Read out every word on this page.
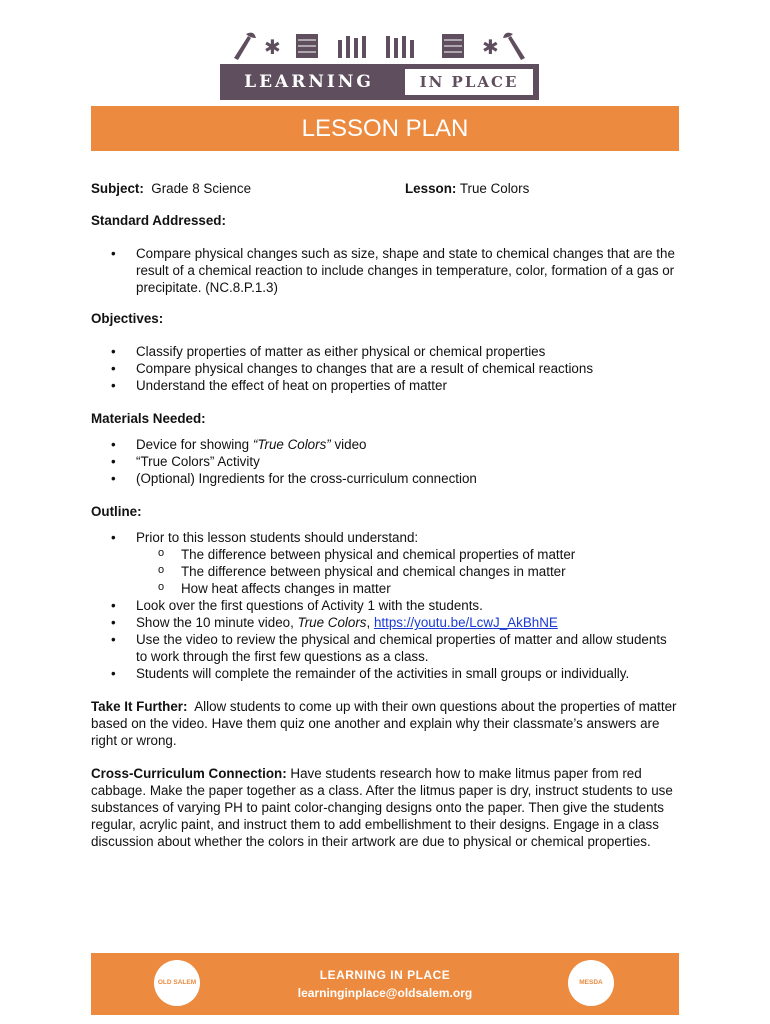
✱	✱
LEARNING	IN PLACE
LESSON PLAN
Subject: Grade 8 Science	Lesson: True Colors
Standard Addressed:
• Compare physical changes such as size, shape and state to chemical changes that are the result of a chemical reaction to include changes in temperature, color, formation of a gas or precipitate. (NC.8.P.1.3)
Objectives:
• Classify properties of matter as either physical or chemical properties
• Compare physical changes to changes that are a result of chemical reactions
• Understand the effect of heat on properties of matter
Materials Needed:
• Device for showing “True Colors” video
• “True Colors” Activity
• (Optional) Ingredients for the cross-curriculum connection
Outline:
• Prior to this lesson students should understand:
o The difference between physical and chemical properties of matter
o The difference between physical and chemical changes in matter
o How heat affects changes in matter
• Look over the first questions of Activity 1 with the students.
• Show the 10 minute video, True Colors, https://youtu.be/LcwJ_AkBhNE
• Use the video to review the physical and chemical properties of matter and allow students to work through the first few questions as a class.
• Students will complete the remainder of the activities in small groups or individually.

Take It Further: Allow students to come up with their own questions about the properties of matter based on the video. Have them quiz one another and explain why their classmate’s answers are right or wrong.

Cross-Curriculum Connection: Have students research how to make litmus paper from red cabbage. Make the paper together as a class. After the litmus paper is dry, instruct students to use substances of varying PH to paint color-changing designs onto the paper. Then give the students regular, acrylic paint, and instruct them to add embellishment to their designs. Engage in a class discussion about whether the colors in their artwork are due to physical or chemical properties.

OLD SALEM
LEARNING IN PLACE
learninginplace@oldsalem.org
MESDA
